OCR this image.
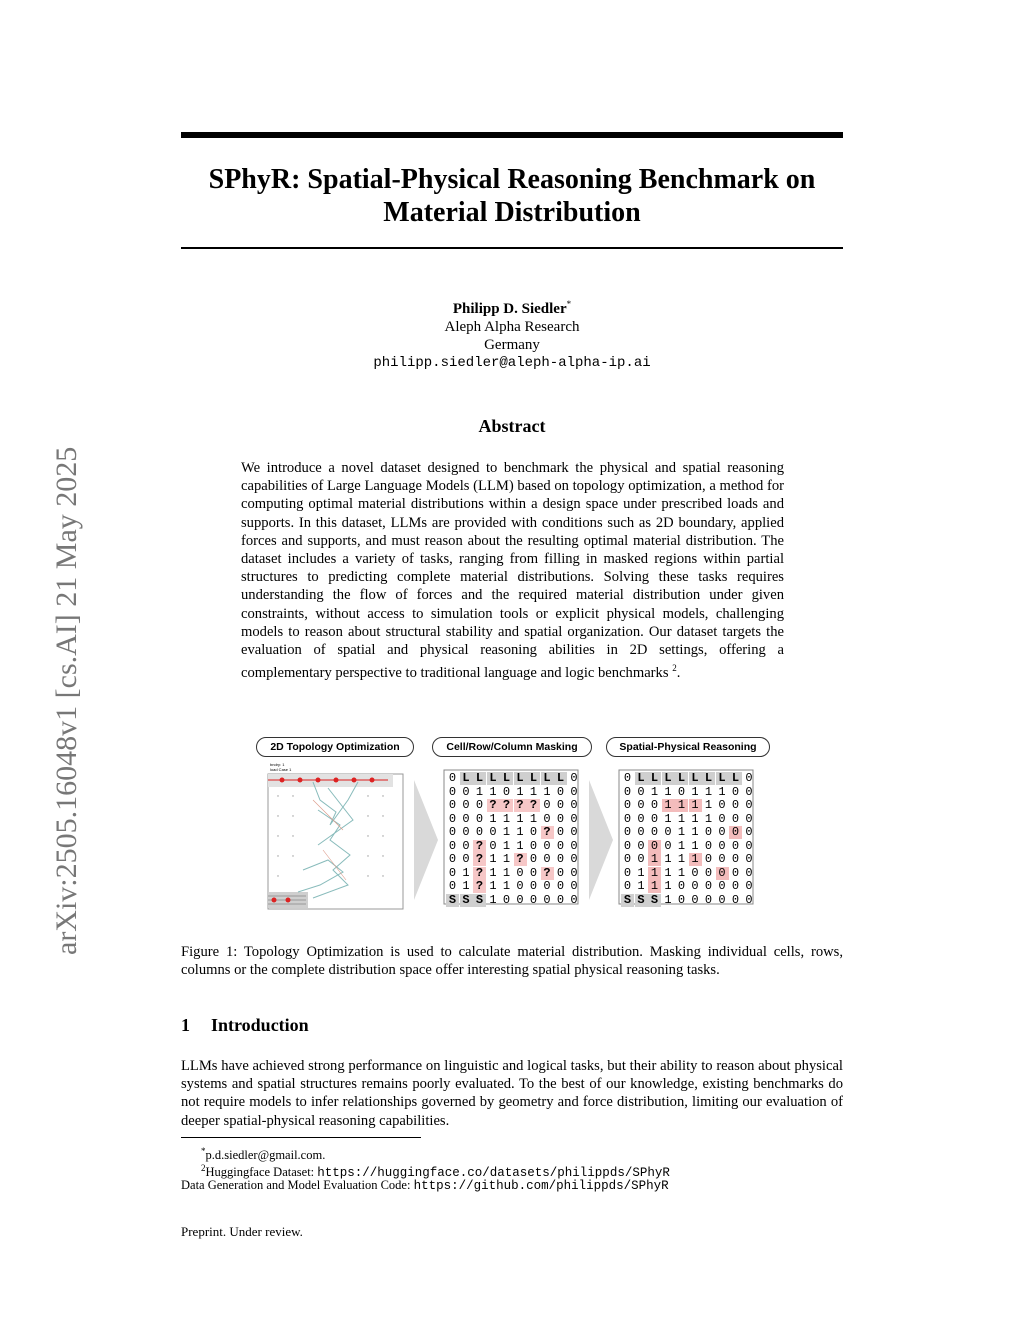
arXiv:2505.16048v1 [cs.AI] 21 May 2025
SPhyR: Spatial-Physical Reasoning Benchmark on
Material Distribution
Philipp D. Siedler*
Aleph Alpha Research
Germany
philipp.siedler@aleph-alpha-ip.ai
Abstract
We introduce a novel dataset designed to benchmark the physical and spatial reasoning capabilities of Large Language Models (LLM) based on topology optimization, a method for computing optimal material distributions within a design space under prescribed loads and supports. In this dataset, LLMs are provided with conditions such as 2D boundary, applied forces and supports, and must reason about the resulting optimal material distribution. The dataset includes a variety of tasks, ranging from filling in masked regions within partial structures to predicting complete material distributions. Solving these tasks requires understanding the flow of forces and the required material distribution under given constraints, without access to simulation tools or explicit physical models, challenging models to reason about structural stability and spatial organization. Our dataset targets the evaluation of spatial and physical reasoning abilities in 2D settings, offering a complementary perspective to traditional language and logic benchmarks $^2$.
2D Topology Optimization	Cell/Row/Column Masking	Spatial-Physical Reasoning
bndry: 1
load Case 1
0 L L L L L L L L 0
0 0 1 1 0 1 1 1 0 0
0 0 0 ? ? ? ? 0 0 0
0 0 0 1 1 1 1 0 0 0
0 0 0 0 1 1 0 ? 0 0
0 0 ? 0 1 1 0 0 0 0
0 0 ? 1 1 ? 0 0 0 0
0 1 ? 1 1 0 0 ? 0 0
0 1 ? 1 1 0 0 0 0 0
S S S 1 0 0 0 0 0 0
0 L L L L L L L L 0
0 0 1 1 0 1 1 1 0 0
0 0 0 1 1 1 1 0 0 0
0 0 0 1 1 1 1 0 0 0
0 0 0 0 1 1 0 0 0 0
0 0 0 0 1 1 0 0 0 0
0 0 1 1 1 1 0 0 0 0
0 1 1 1 1 0 0 0 0 0
0 1 1 1 0 0 0 0 0 0
S S S 1 0 0 0 0 0 0
Figure 1: Topology Optimization is used to calculate material distribution. Masking individual cells, rows, columns or the complete distribution space offer interesting spatial physical reasoning tasks.
1 Introduction
LLMs have achieved strong performance on linguistic and logical tasks, but their ability to reason about physical systems and spatial structures remains poorly evaluated. To the best of our knowledge, existing benchmarks do not require models to infer relationships governed by geometry and force distribution, limiting our evaluation of deeper spatial-physical reasoning capabilities.
*p.d.siedler@gmail.com.
$^2$Huggingface Dataset: https://huggingface.co/datasets/philippds/SPhyR
Data Generation and Model Evaluation Code: https://github.com/philippds/SPhyR
Preprint. Under review.
